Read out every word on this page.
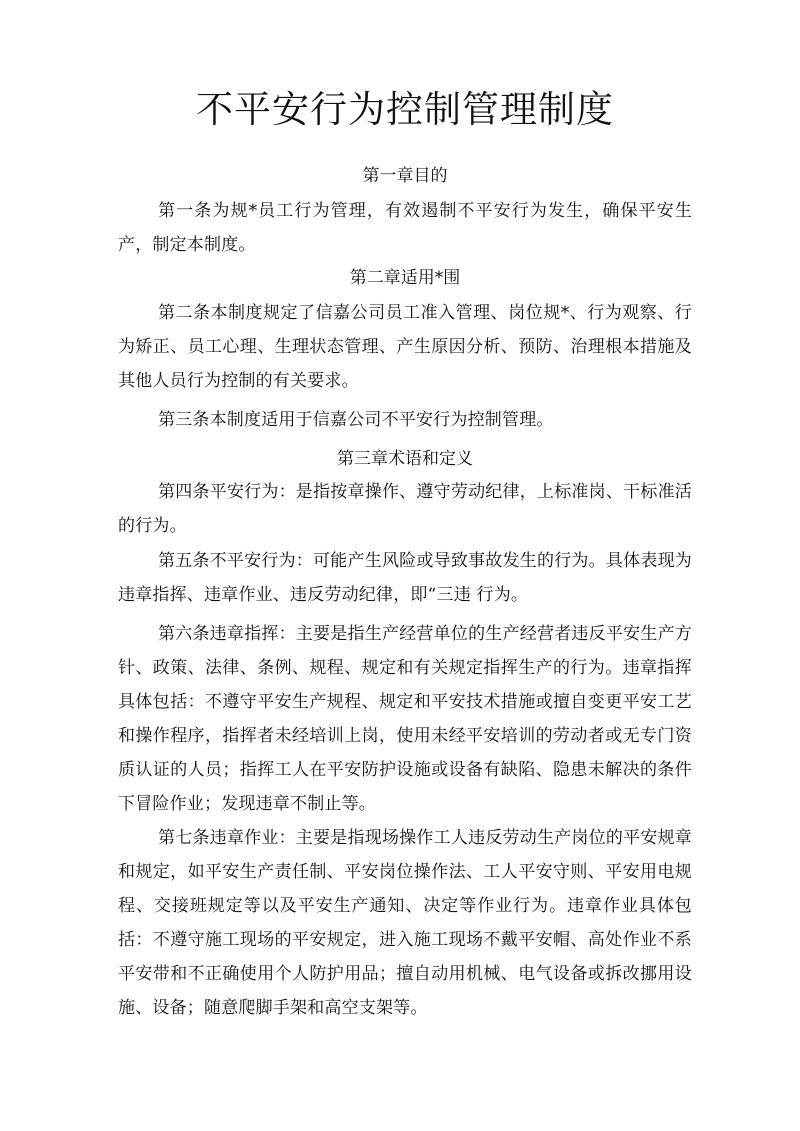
不平安行为控制管理制度

第一章目的

第一条为规*员工行为管理，有效遏制不平安行为发生，确保平安生产，制定本制度。

第二章适用*围

第二条本制度规定了信嘉公司员工准入管理、岗位规*、行为观察、行为矫正、员工心理、生理状态管理、产生原因分析、预防、治理根本措施及其他人员行为控制的有关要求。

第三条本制度适用于信嘉公司不平安行为控制管理。

第三章术语和定义

第四条平安行为：是指按章操作、遵守劳动纪律，上标准岗、干标准活的行为。

第五条不平安行为：可能产生风险或导致事故发生的行为。具体表现为违章指挥、违章作业、违反劳动纪律，即“三违 行为。

第六条违章指挥：主要是指生产经营单位的生产经营者违反平安生产方针、政策、法律、条例、规程、规定和有关规定指挥生产的行为。违章指挥具体包括：不遵守平安生产规程、规定和平安技术措施或擅自变更平安工艺和操作程序，指挥者未经培训上岗，使用未经平安培训的劳动者或无专门资质认证的人员；指挥工人在平安防护设施或设备有缺陷、隐患未解决的条件下冒险作业；发现违章不制止等。

第七条违章作业：主要是指现场操作工人违反劳动生产岗位的平安规章和规定，如平安生产责任制、平安岗位操作法、工人平安守则、平安用电规程、交接班规定等以及平安生产通知、决定等作业行为。违章作业具体包括：不遵守施工现场的平安规定，进入施工现场不戴平安帽、高处作业不系平安带和不正确使用个人防护用品；擅自动用机械、电气设备或拆改挪用设施、设备；随意爬脚手架和高空支架等。
